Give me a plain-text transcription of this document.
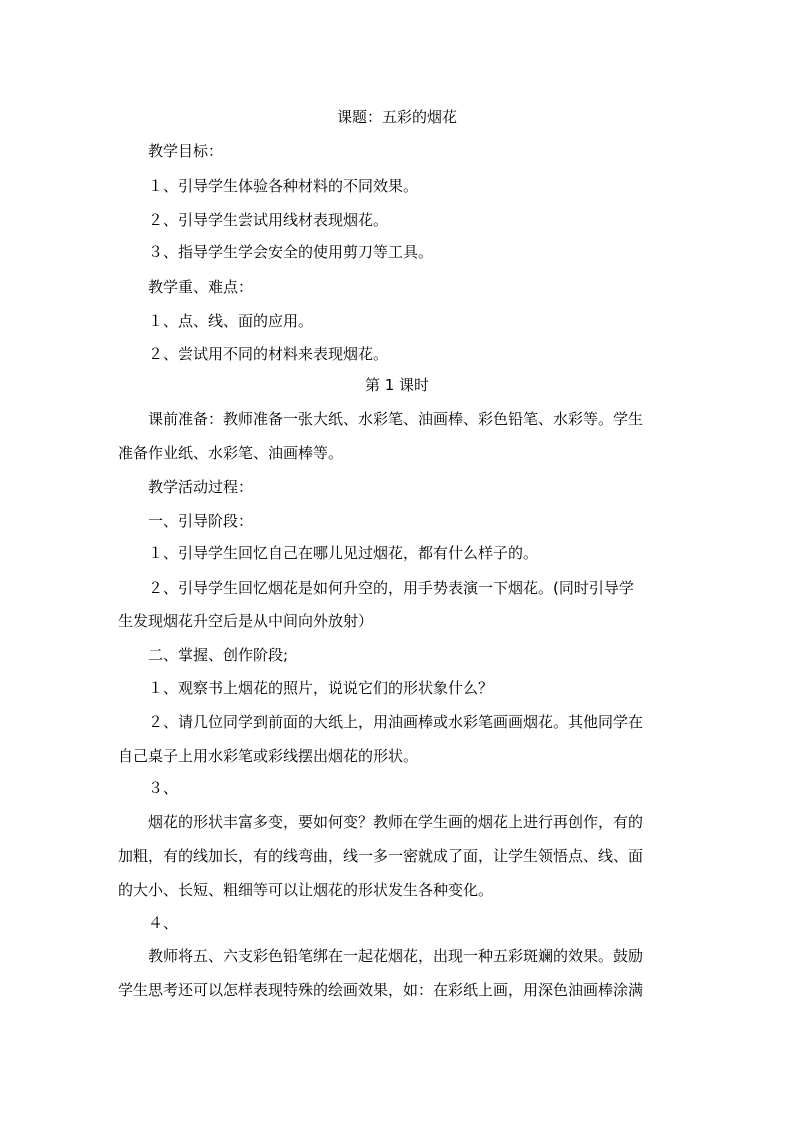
课题：五彩的烟花
教学目标：
１、引导学生体验各种材料的不同效果。
２、引导学生尝试用线材表现烟花。
３、指导学生学会安全的使用剪刀等工具。
教学重、难点：
１、点、线、面的应用。
２、尝试用不同的材料来表现烟花。
第 1 课时
课前准备：教师准备一张大纸、水彩笔、油画棒、彩色铅笔、水彩等。学生
准备作业纸、水彩笔、油画棒等。
教学活动过程：
一、引导阶段：
１、引导学生回忆自己在哪儿见过烟花，都有什么样子的。
２、引导学生回忆烟花是如何升空的，用手势表演一下烟花。(同时引导学
生发现烟花升空后是从中间向外放射）
二、掌握、创作阶段;
１、观察书上烟花的照片，说说它们的形状象什么？
２、请几位同学到前面的大纸上，用油画棒或水彩笔画画烟花。其他同学在
自己桌子上用水彩笔或彩线摆出烟花的形状。
３、
烟花的形状丰富多变，要如何变？教师在学生画的烟花上进行再创作，有的
加粗，有的线加长，有的线弯曲，线一多一密就成了面，让学生领悟点、线、面
的大小、长短、粗细等可以让烟花的形状发生各种变化。
４、
教师将五、六支彩色铅笔绑在一起花烟花，出现一种五彩斑斓的效果。鼓励
学生思考还可以怎样表现特殊的绘画效果，如：在彩纸上画，用深色油画棒涂满
